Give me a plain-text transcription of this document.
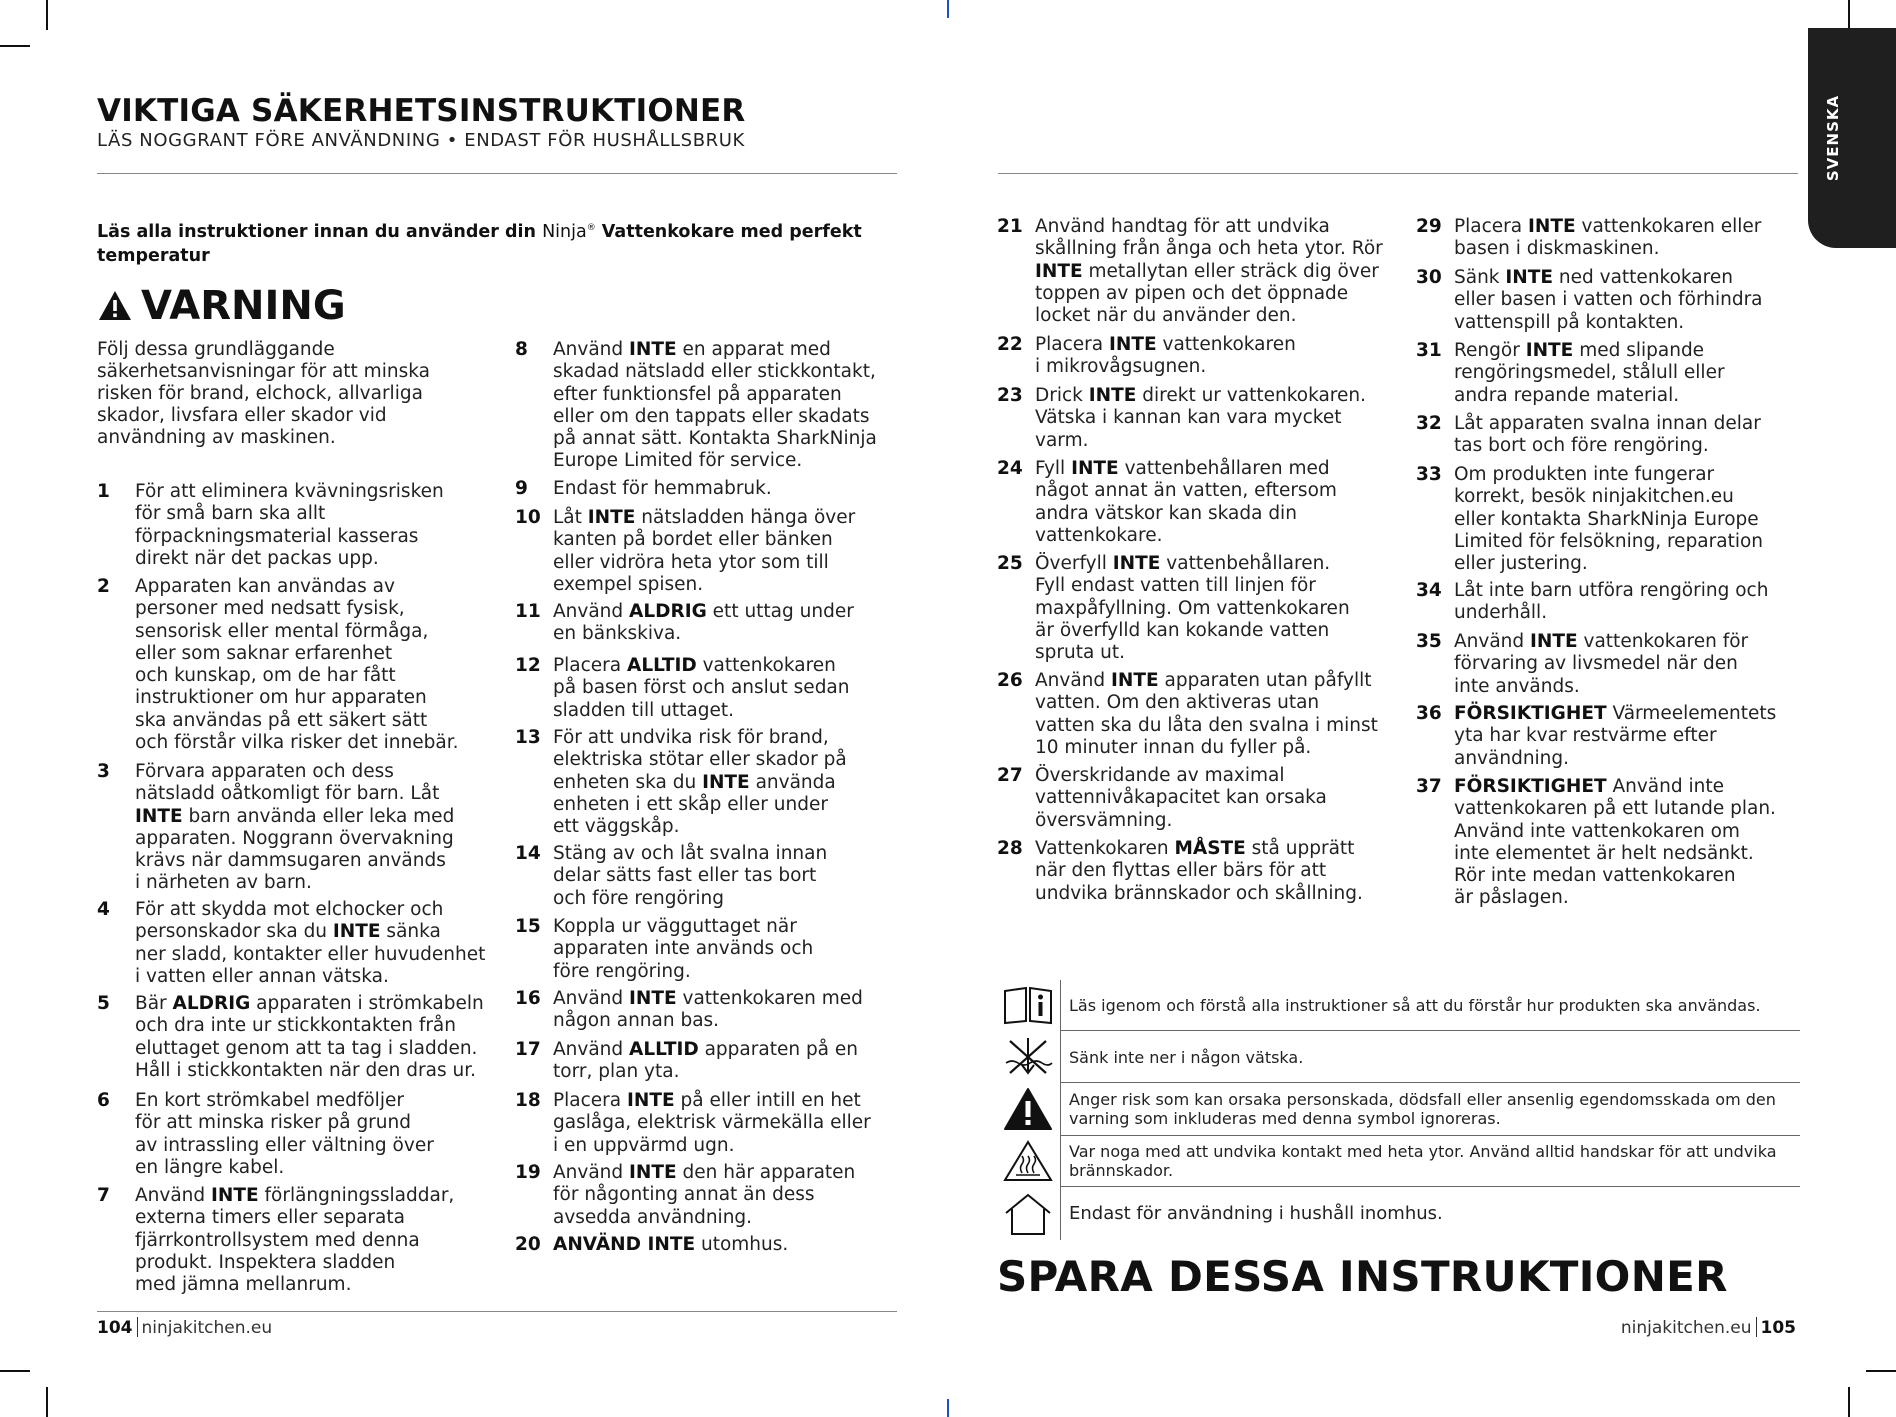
SVENSKA
VIKTIGA SÄKERHETSINSTRUKTIONER
LÄS NOGGRANT FÖRE ANVÄNDNING • ENDAST FÖR HUSHÅLLSBRUK
Läs alla instruktioner innan du använder din Ninja® Vattenkokare med perfekt temperatur
VARNING
Följ dessa grundläggande säkerhetsanvisningar för att minska risken för brand, elchock, allvarliga skador, livsfara eller skador vid användning av maskinen.
1 För att eliminera kvävningsrisken
för små barn ska allt
förpackningsmaterial kasseras
direkt när det packas upp.
2 Apparaten kan användas av
personer med nedsatt fysisk,
sensorisk eller mental förmåga,
eller som saknar erfarenhet
och kunskap, om de har fått
instruktioner om hur apparaten
ska användas på ett säkert sätt
och förstår vilka risker det innebär.
3 Förvara apparaten och dess
nätsladd oåtkomligt för barn. Låt
INTE barn använda eller leka med
apparaten. Noggrann övervakning
krävs när dammsugaren används
i närheten av barn.
4 För att skydda mot elchocker och
personskador ska du INTE sänka
ner sladd, kontakter eller huvudenhet
i vatten eller annan vätska.
5 Bär ALDRIG apparaten i strömkabeln
och dra inte ur stickkontakten från
eluttaget genom att ta tag i sladden.
Håll i stickkontakten när den dras ur.
6 En kort strömkabel medföljer
för att minska risker på grund
av intrassling eller vältning över
en längre kabel.
7 Använd INTE förlängningssladdar,
externa timers eller separata
fjärrkontrollsystem med denna
produkt. Inspektera sladden
med jämna mellanrum.
8 Använd INTE en apparat med
skadad nätsladd eller stickkontakt,
efter funktionsfel på apparaten
eller om den tappats eller skadats
på annat sätt. Kontakta SharkNinja
Europe Limited för service.
9 Endast för hemmabruk.
10 Låt INTE nätsladden hänga över
kanten på bordet eller bänken
eller vidröra heta ytor som till
exempel spisen.
11 Använd ALDRIG ett uttag under
en bänkskiva.
12 Placera ALLTID vattenkokaren
på basen först och anslut sedan
sladden till uttaget.
13 För att undvika risk för brand,
elektriska stötar eller skador på
enheten ska du INTE använda
enheten i ett skåp eller under
ett väggskåp.
14 Stäng av och låt svalna innan
delar sätts fast eller tas bort
och före rengöring
15 Koppla ur vägguttaget när
apparaten inte används och
före rengöring.
16 Använd INTE vattenkokaren med
någon annan bas.
17 Använd ALLTID apparaten på en
torr, plan yta.
18 Placera INTE på eller intill en het
gaslåga, elektrisk värmekälla eller
i en uppvärmd ugn.
19 Använd INTE den här apparaten
för någonting annat än dess
avsedda användning.
20 ANVÄND INTE utomhus.
21 Använd handtag för att undvika
skållning från ånga och heta ytor. Rör
INTE metallytan eller sträck dig över
toppen av pipen och det öppnade
locket när du använder den.
22 Placera INTE vattenkokaren
i mikrovågsugnen.
23 Drick INTE direkt ur vattenkokaren.
Vätska i kannan kan vara mycket
varm.
24 Fyll INTE vattenbehållaren med
något annat än vatten, eftersom
andra vätskor kan skada din
vattenkokare.
25 Överfyll INTE vattenbehållaren.
Fyll endast vatten till linjen för
maxpåfyllning. Om vattenkokaren
är överfylld kan kokande vatten
spruta ut.
26 Använd INTE apparaten utan påfyllt
vatten. Om den aktiveras utan
vatten ska du låta den svalna i minst
10 minuter innan du fyller på.
27 Överskridande av maximal
vattennivåkapacitet kan orsaka
översvämning.
28 Vattenkokaren MÅSTE stå upprätt
när den flyttas eller bärs för att
undvika brännskador och skållning.
29 Placera INTE vattenkokaren eller
basen i diskmaskinen.
30 Sänk INTE ned vattenkokaren
eller basen i vatten och förhindra
vattenspill på kontakten.
31 Rengör INTE med slipande
rengöringsmedel, stålull eller
andra repande material.
32 Låt apparaten svalna innan delar
tas bort och före rengöring.
33 Om produkten inte fungerar
korrekt, besök ninjakitchen.eu
eller kontakta SharkNinja Europe
Limited för felsökning, reparation
eller justering.
34 Låt inte barn utföra rengöring och
underhåll.
35 Använd INTE vattenkokaren för
förvaring av livsmedel när den
inte används.
36 FÖRSIKTIGHET Värmeelementets
yta har kvar restvärme efter
användning.
37 FÖRSIKTIGHET Använd inte
vattenkokaren på ett lutande plan.
Använd inte vattenkokaren om
inte elementet är helt nedsänkt.
Rör inte medan vattenkokaren
är påslagen.
Läs igenom och förstå alla instruktioner så att du förstår hur produkten ska användas.
Sänk inte ner i någon vätska.
Anger risk som kan orsaka personskada, dödsfall eller ansenlig egendomsskada om den varning som inkluderas med denna symbol ignoreras.
Var noga med att undvika kontakt med heta ytor. Använd alltid handskar för att undvika brännskador.
Endast för användning i hushåll inomhus.
SPARA DESSA INSTRUKTIONER
104 ninjakitchen.eu	ninjakitchen.eu 105
